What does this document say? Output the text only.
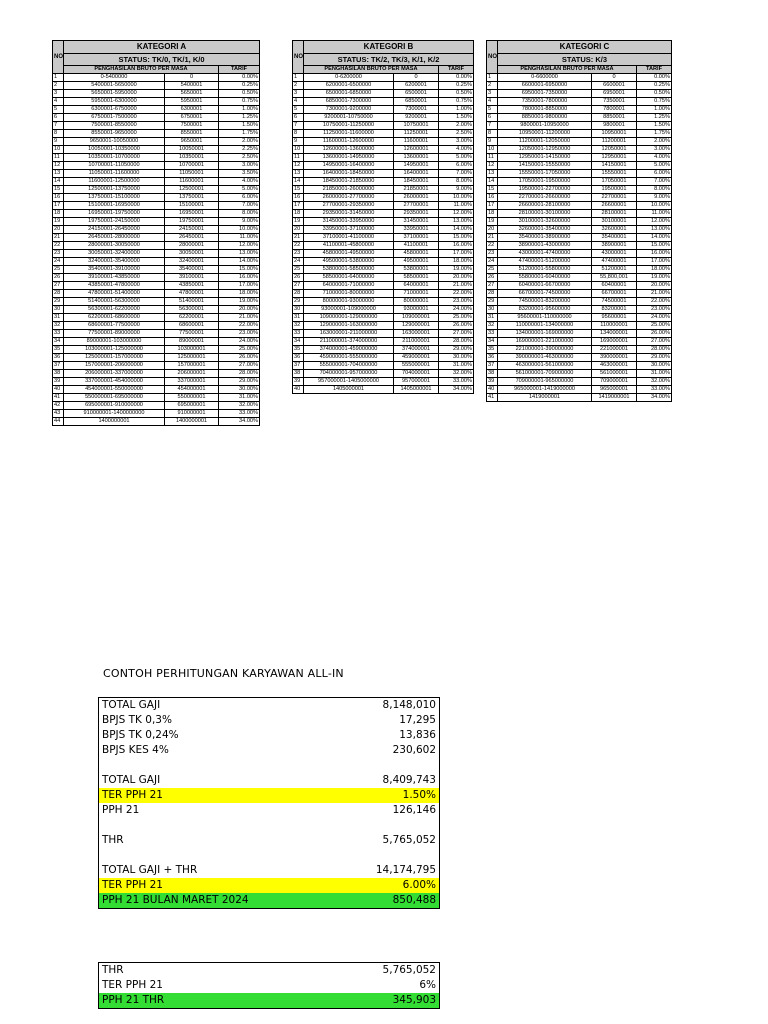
NO	KATEGORI A		
	STATUS: TK/0, TK/1, K/0		
	PENGHASILAN BRUTO PER MASA		TARIF
1	0-5400000	0	0.00%
2	5400001-5650000	5400001	0.25%
3	5650001-5950000	5650001	0.50%
4	5950001-6300000	5950001	0.75%
5	6300001-6750000	6300001	1.00%
6	6750001-7500000	6750001	1.25%
7	7500001-8550000	7500001	1.50%
8	8550001-9650000	8550001	1.75%
9	9650001-10050000	9650001	2.00%
10	10050001-10350000	10050001	2.25%
11	10350001-10700000	10350001	2.50%
12	10700001-11050000	10700001	3.00%
13	11050001-11600000	11050001	3.50%
14	11600001-12500000	11600001	4.00%
15	12500001-13750000	12500001	5.00%
16	13750001-15100000	13750001	6.00%
17	15100001-16950000	15100001	7.00%
18	16950001-19750000	16950001	8.00%
19	19750001-24150000	19750001	9.00%
20	24150001-26450000	24150001	10.00%
21	26450001-28000000	26450001	11.00%
22	28000001-30050000	28000001	12.00%
23	30050001-32400000	30050001	13.00%
24	32400001-35400000	32400001	14.00%
25	35400001-39100000	35400001	15.00%
26	39100001-43850000	39100001	16.00%
27	43850001-47800000	43850001	17.00%
28	47800001-51400000	47800001	18.00%
29	51400001-56300000	51400001	19.00%
30	56300001-62200000	56300001	20.00%
31	62200001-68600000	62200001	21.00%
32	68600001-77500000	68600001	22.00%
33	77500001-89000000	77500001	23.00%
34	89000001-103000000	89000001	24.00%
35	103000001-125000000	103000001	25.00%
36	125000001-157000000	125000001	26.00%
37	157000001-206000000	157000001	27.00%
38	206000001-337000000	206000001	28.00%
39	337000001-454000000	337000001	29.00%
40	454000001-550000000	454000001	30.00%
41	550000001-695000000	550000001	31.00%
42	695000001-910000000	695000001	32.00%
43	910000001-1400000000	910000001	33.00%
44	1400000001	1400000001	34.00%
NO	KATEGORI B		
	STATUS: TK/2, TK/3, K/1, K/2		
	PENGHASILAN BRUTO PER MASA		TARIF
1	0-6200000	0	0.00%
2	6200001-6500000	6200001	0.25%
3	6500001-6850000	6500001	0.50%
4	6850001-7300000	6850001	0.75%
5	7300001-9200000	7300001	1.00%
6	9200001-10750000	9200001	1.50%
7	10750001-11250000	10750001	2.00%
8	11250001-11600000	11250001	2.50%
9	11600001-12600000	11600001	3.00%
10	12600001-13600000	12600001	4.00%
11	13600001-14950000	13600001	5.00%
12	14950001-16400000	14950001	6.00%
13	16400001-18450000	16400001	7.00%
14	18450001-21850000	18450001	8.00%
15	21850001-26000000	21850001	9.00%
16	26000001-27700000	26000001	10.00%
17	27700001-29350000	27700001	11.00%
18	29350001-31450000	29350001	12.00%
19	31450001-33950000	31450001	13.00%
20	33950001-37100000	33950001	14.00%
21	37100001-41100000	37100001	15.00%
22	41100001-45800000	41100001	16.00%
23	45800001-49500000	45800001	17.00%
24	49500001-53800000	49500001	18.00%
25	53800001-58500000	53800001	19.00%
26	58500001-64000000	58500001	20.00%
27	64000001-71000000	64000001	21.00%
28	71000001-80000000	71000001	22.00%
29	80000001-93000000	80000001	23.00%
30	93000001-109000000	93000001	24.00%
31	109000001-129000000	109000001	25.00%
32	129000001-163000000	129000001	26.00%
33	163000001-211000000	163000001	27.00%
34	211000001-374000000	211000001	28.00%
35	374000001-459000000	374000001	29.00%
36	459000001-555000000	459000001	30.00%
37	555000001-704000000	555000001	31.00%
38	704000001-957000000	704000001	32.00%
39	957000001-1405000000	957000001	33.00%
40	1405000001	1405000001	34.00%
NO	KATEGORI C		
	STATUS: K/3		
	PENGHASILAN BRUTO PER MASA		TARIF
1	0-6600000	0	0.00%
2	6600001-6950000	6600001	0.25%
3	6950001-7350000	6950001	0.50%
4	7350001-7800000	7350001	0.75%
5	7800001-8850000	7800001	1.00%
6	8850001-9800000	8850001	1.25%
7	9800001-10950000	9800001	1.50%
8	10950001-11200000	10950001	1.75%
9	11200001-12050000	11200001	2.00%
10	12050001-12950000	12050001	3.00%
11	12950001-14150000	12950001	4.00%
12	14150001-15550000	14150001	5.00%
13	15550001-17050000	15550001	6.00%
14	17050001-19500000	17050001	7.00%
15	19500001-22700000	19500001	8.00%
16	22700001-26600000	22700001	9.00%
17	26600001-28100000	26600001	10.00%
18	28100001-30100000	28100001	11.00%
19	30100001-32600000	30100001	12.00%
20	32600001-35400000	32600001	13.00%
21	35400001-38900000	35400001	14.00%
22	38900001-43000000	38900001	15.00%
23	43000001-47400000	43000001	16.00%
24	47400001-51200000	47400001	17.00%
25	51200001-55800000	51200001	18.00%
26	55800001-60400000	55,800,001	19.00%
27	60400001-66700000	60400001	20.00%
28	66700001-74500000	66700001	21.00%
29	74500001-83200000	74500001	22.00%
30	83200001-95600000	83200001	23.00%
31	95600001-110000000	95600001	24.00%
32	110000001-134000000	110000001	25.00%
33	134000001-169000000	134000001	26.00%
34	169000001-221000000	169000001	27.00%
35	221000001-390000000	221000001	28.00%
36	390000001-463000000	390000001	29.00%
37	463000001-561000000	463000001	30.00%
38	561000001-709000000	561000001	31.00%
39	709000001-965000000	709000001	32.00%
40	965000001-1419000000	965000001	33.00%
41	1419000001	1419000001	34.00%
CONTOH PERHITUNGAN KARYAWAN ALL-IN
TOTAL GAJI	8,148,010
BPJS TK 0,3%	17,295
BPJS TK 0,24%	13,836
BPJS KES 4%	230,602
TOTAL GAJI	8,409,743
TER PPH 21	1.50%
PPH 21	126,146
THR	5,765,052
TOTAL GAJI + THR	14,174,795
TER PPH 21	6.00%
PPH 21 BULAN MARET 2024	850,488
THR	5,765,052
TER PPH 21	6%
PPH 21 THR	345,903
